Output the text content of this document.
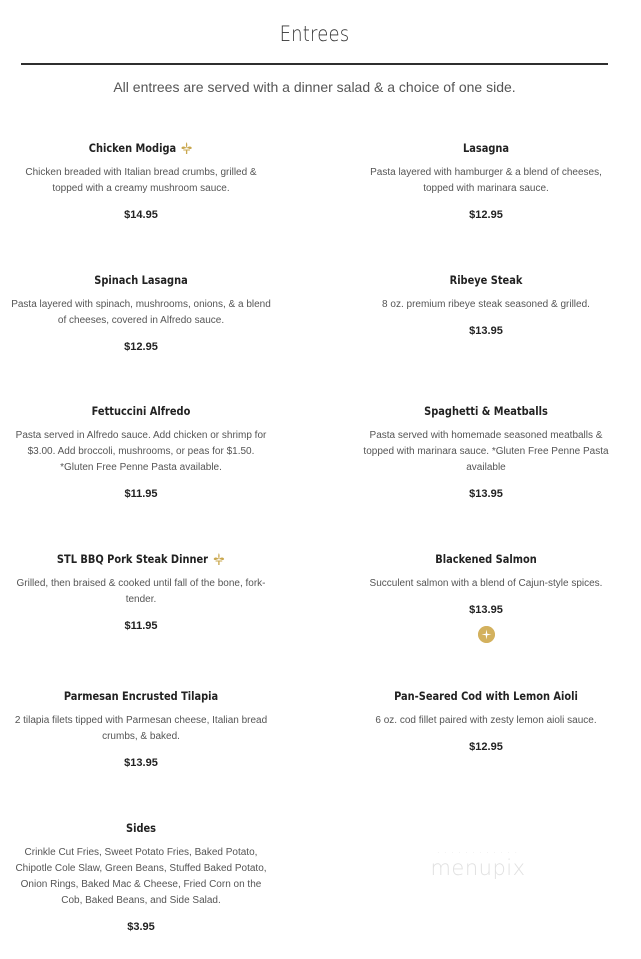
Entrees
All entrees are served with a dinner salad & a choice of one side.
Chicken Modiga
Chicken breaded with Italian bread crumbs, grilled & topped with a creamy mushroom sauce.
$14.95
Lasagna
Pasta layered with hamburger & a blend of cheeses, topped with marinara sauce.
$12.95
Spinach Lasagna
Pasta layered with spinach, mushrooms, onions, & a blend of cheeses, covered in Alfredo sauce.
$12.95
Ribeye Steak
8 oz. premium ribeye steak seasoned & grilled.
$13.95
Fettuccini Alfredo
Pasta served in Alfredo sauce. Add chicken or shrimp for $3.00. Add broccoli, mushrooms, or peas for $1.50. *Gluten Free Penne Pasta available.
$11.95
Spaghetti & Meatballs
Pasta served with homemade seasoned meatballs & topped with marinara sauce. *Gluten Free Penne Pasta available
$13.95
STL BBQ Pork Steak Dinner
Grilled, then braised & cooked until fall of the bone, fork-tender.
$11.95
Blackened Salmon
Succulent salmon with a blend of Cajun-style spices.
$13.95
Parmesan Encrusted Tilapia
2 tilapia filets tipped with Parmesan cheese, Italian bread crumbs, & baked.
$13.95
Pan-Seared Cod with Lemon Aioli
6 oz. cod fillet paired with zesty lemon aioli sauce.
$12.95
Sides
Crinkle Cut Fries, Sweet Potato Fries, Baked Potato, Chipotle Cole Slaw, Green Beans, Stuffed Baked Potato, Onion Rings, Baked Mac & Cheese, Fried Corn on the Cob, Baked Beans, and Side Salad.
$3.95
· · · · · · · · · · · ·
menupix
